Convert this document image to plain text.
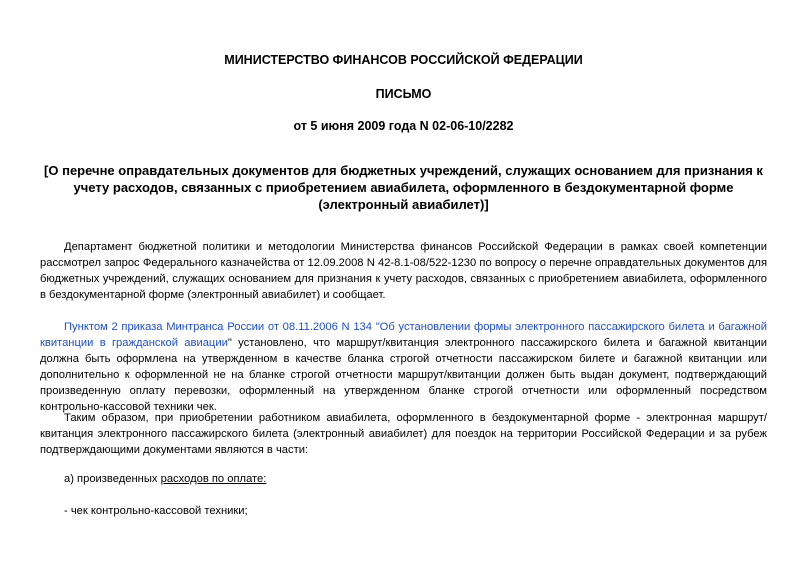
МИНИСТЕРСТВО ФИНАНСОВ РОССИЙСКОЙ ФЕДЕРАЦИИ
ПИСЬМО
от 5 июня 2009 года N 02-06-10/2282
[О перечне оправдательных документов для бюджетных учреждений, служащих основанием для признания к учету расходов, связанных с приобретением авиабилета, оформленного в бездокументарной форме (электронный авиабилет)]
Департамент бюджетной политики и методологии Министерства финансов Российской Федерации в рамках своей компетенции рассмотрел запрос Федерального казначейства от 12.09.2008 N 42-8.1-08/522-1230 по вопросу о перечне оправдательных документов для бюджетных учреждений, служащих основанием для признания к учету расходов, связанных с приобретением авиабилета, оформленного в бездокументарной форме (электронный авиабилет) и сообщает.
Пунктом 2 приказа Минтранса России от 08.11.2006 N 134 "Об установлении формы электронного пассажирского билета и багажной квитанции в гражданской авиации" установлено, что маршрут/квитанция электронного пассажирского билета и багажной квитанции должна быть оформлена на утвержденном в качестве бланка строгой отчетности пассажирском билете и багажной квитанции или дополнительно к оформленной не на бланке строгой отчетности маршрут/квитанции должен быть выдан документ, подтверждающий произведенную оплату перевозки, оформленный на утвержденном бланке строгой отчетности или оформленный посредством контрольно-кассовой техники чек.
Таким образом, при приобретении работником авиабилета, оформленного в бездокументарной форме - электронная маршрут/квитанция электронного пассажирского билета (электронный авиабилет) для поездок на территории Российской Федерации и за рубеж подтверждающими документами являются в части:
а) произведенных расходов по оплате:
- чек контрольно-кассовой техники;
